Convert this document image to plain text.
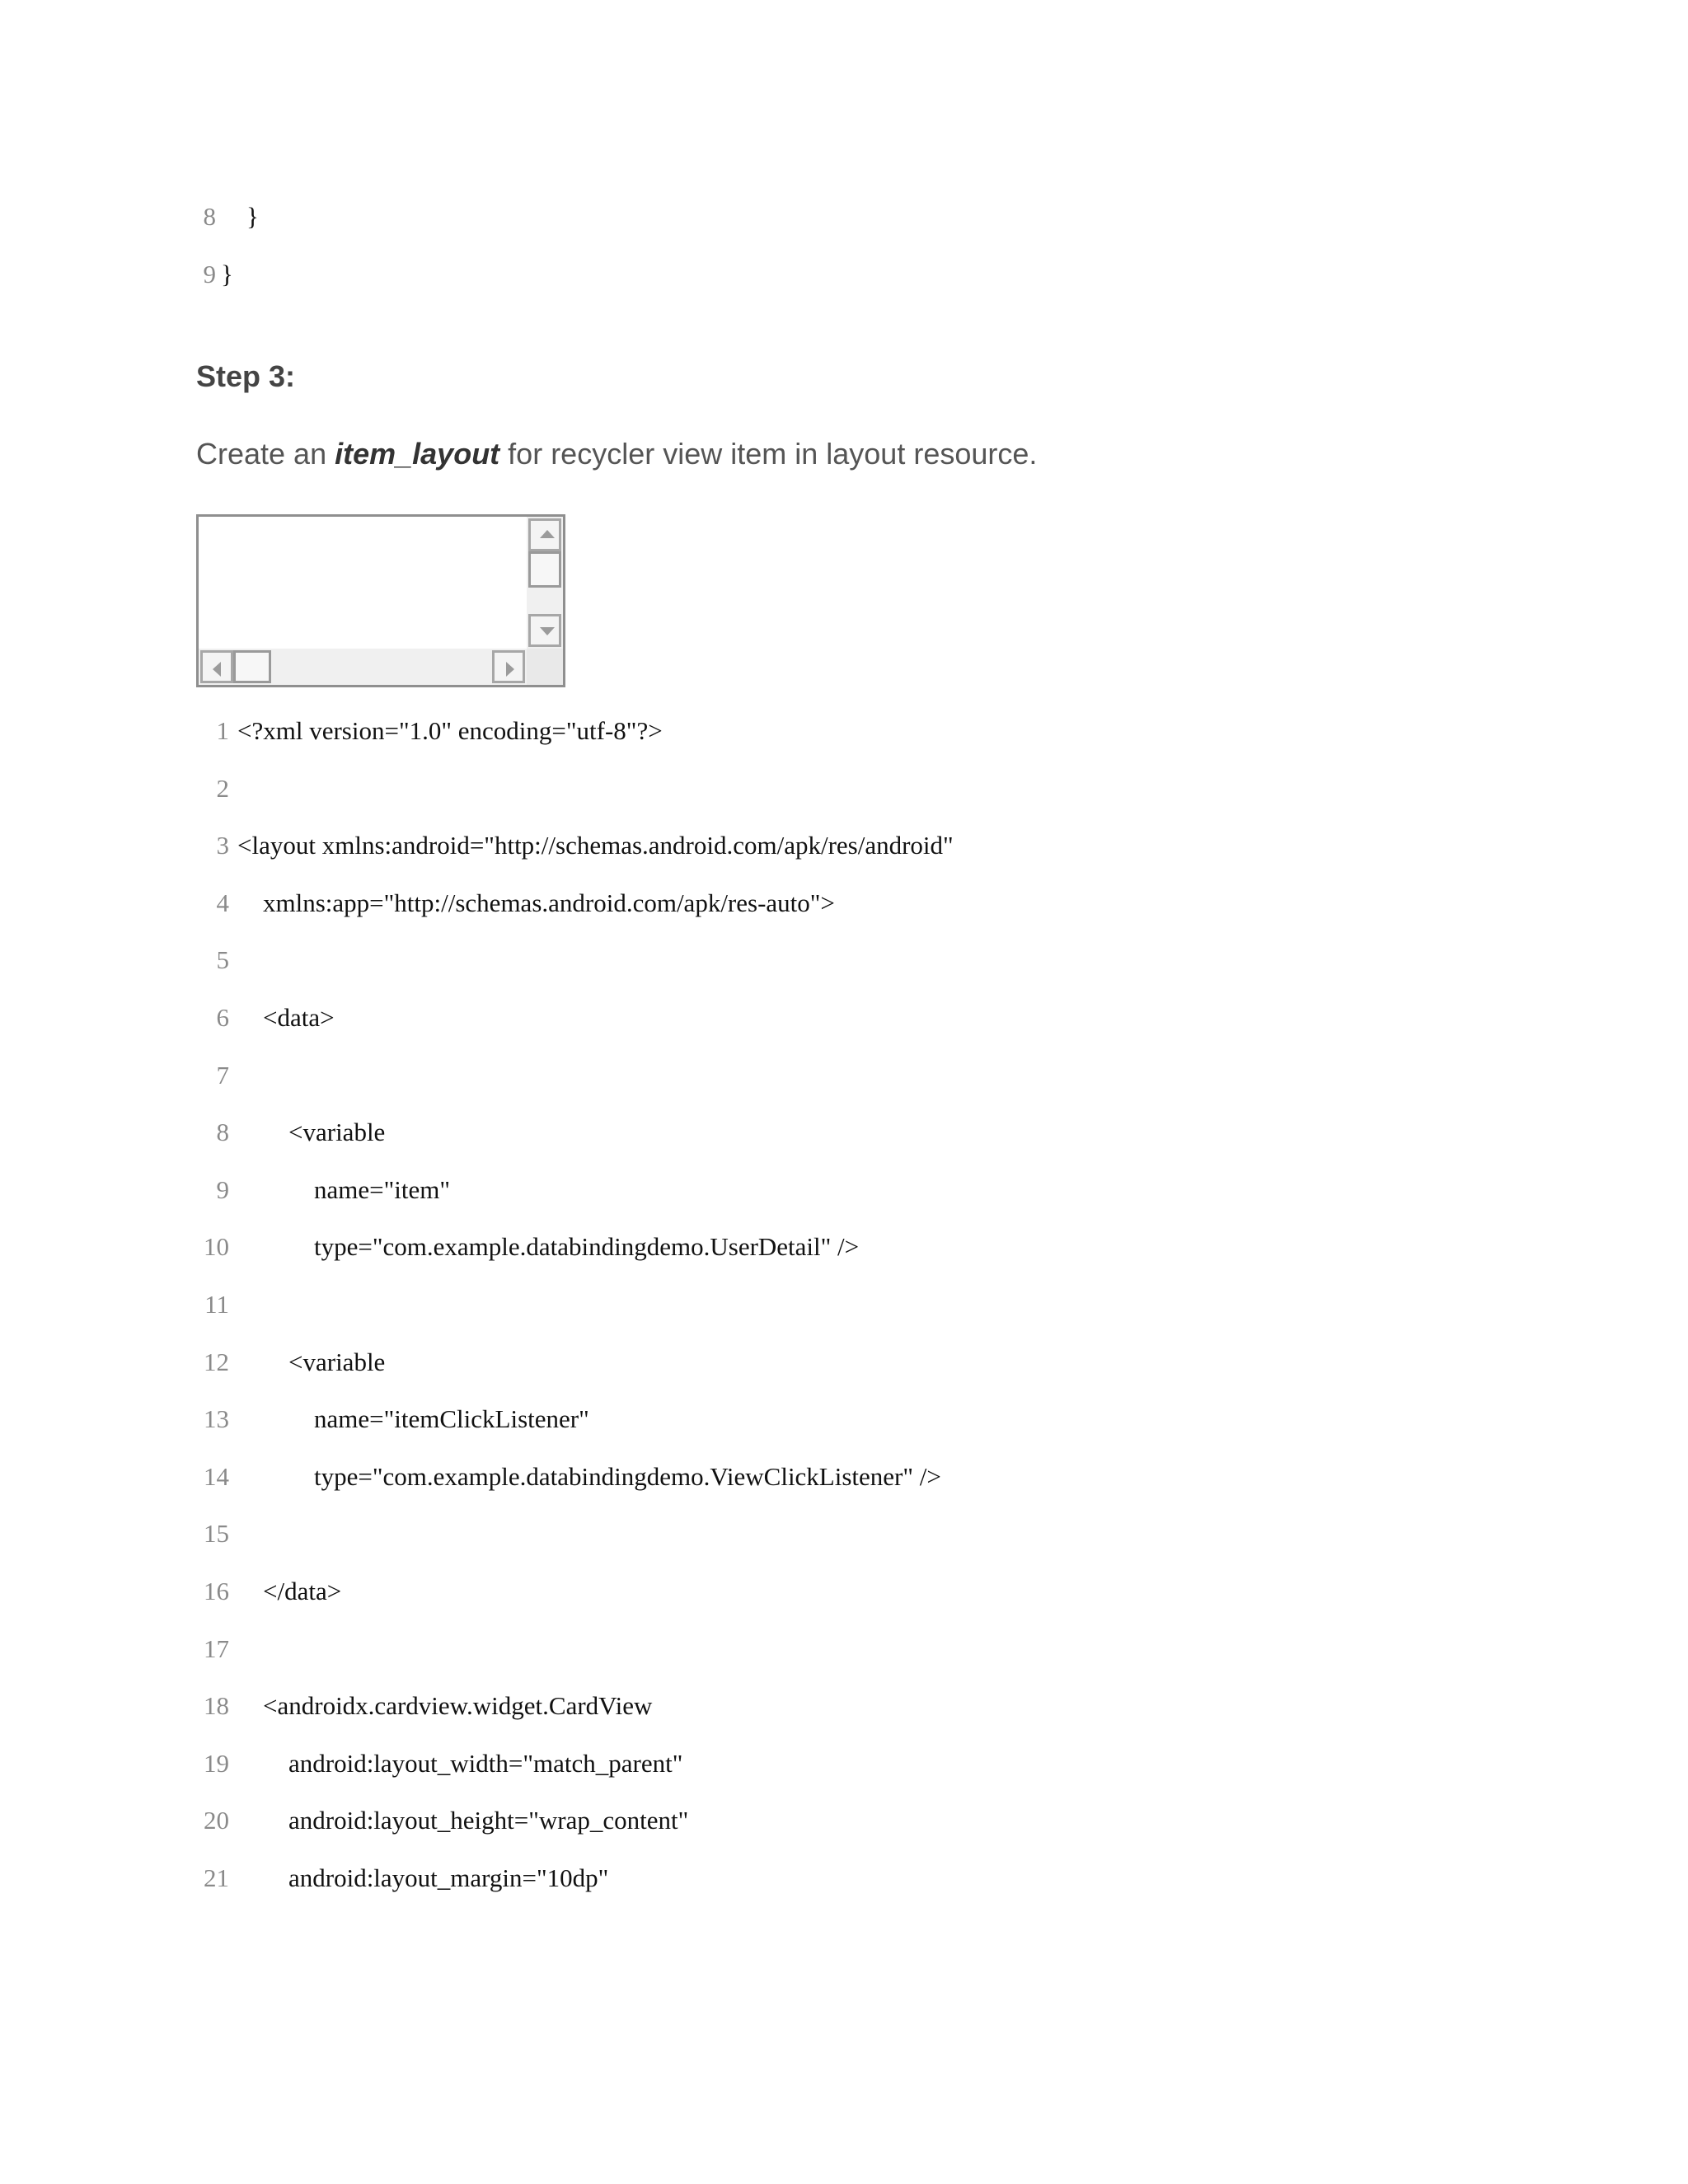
8 }
9 }
Step 3:

Create an item_layout for recycler view item in layout resource.

1 <?xml version="1.0" encoding="utf-8"?>
2
3 <layout xmlns:android="http://schemas.android.com/apk/res/android"
4 xmlns:app="http://schemas.android.com/apk/res-auto">
5
6 <data>
7
8 <variable
9 name="item"
10 type="com.example.databindingdemo.UserDetail" />
11
12 <variable
13 name="itemClickListener"
14 type="com.example.databindingdemo.ViewClickListener" />
15
16 </data>
17
18 <androidx.cardview.widget.CardView
19 android:layout_width="match_parent"
20 android:layout_height="wrap_content"
21 android:layout_margin="10dp"
